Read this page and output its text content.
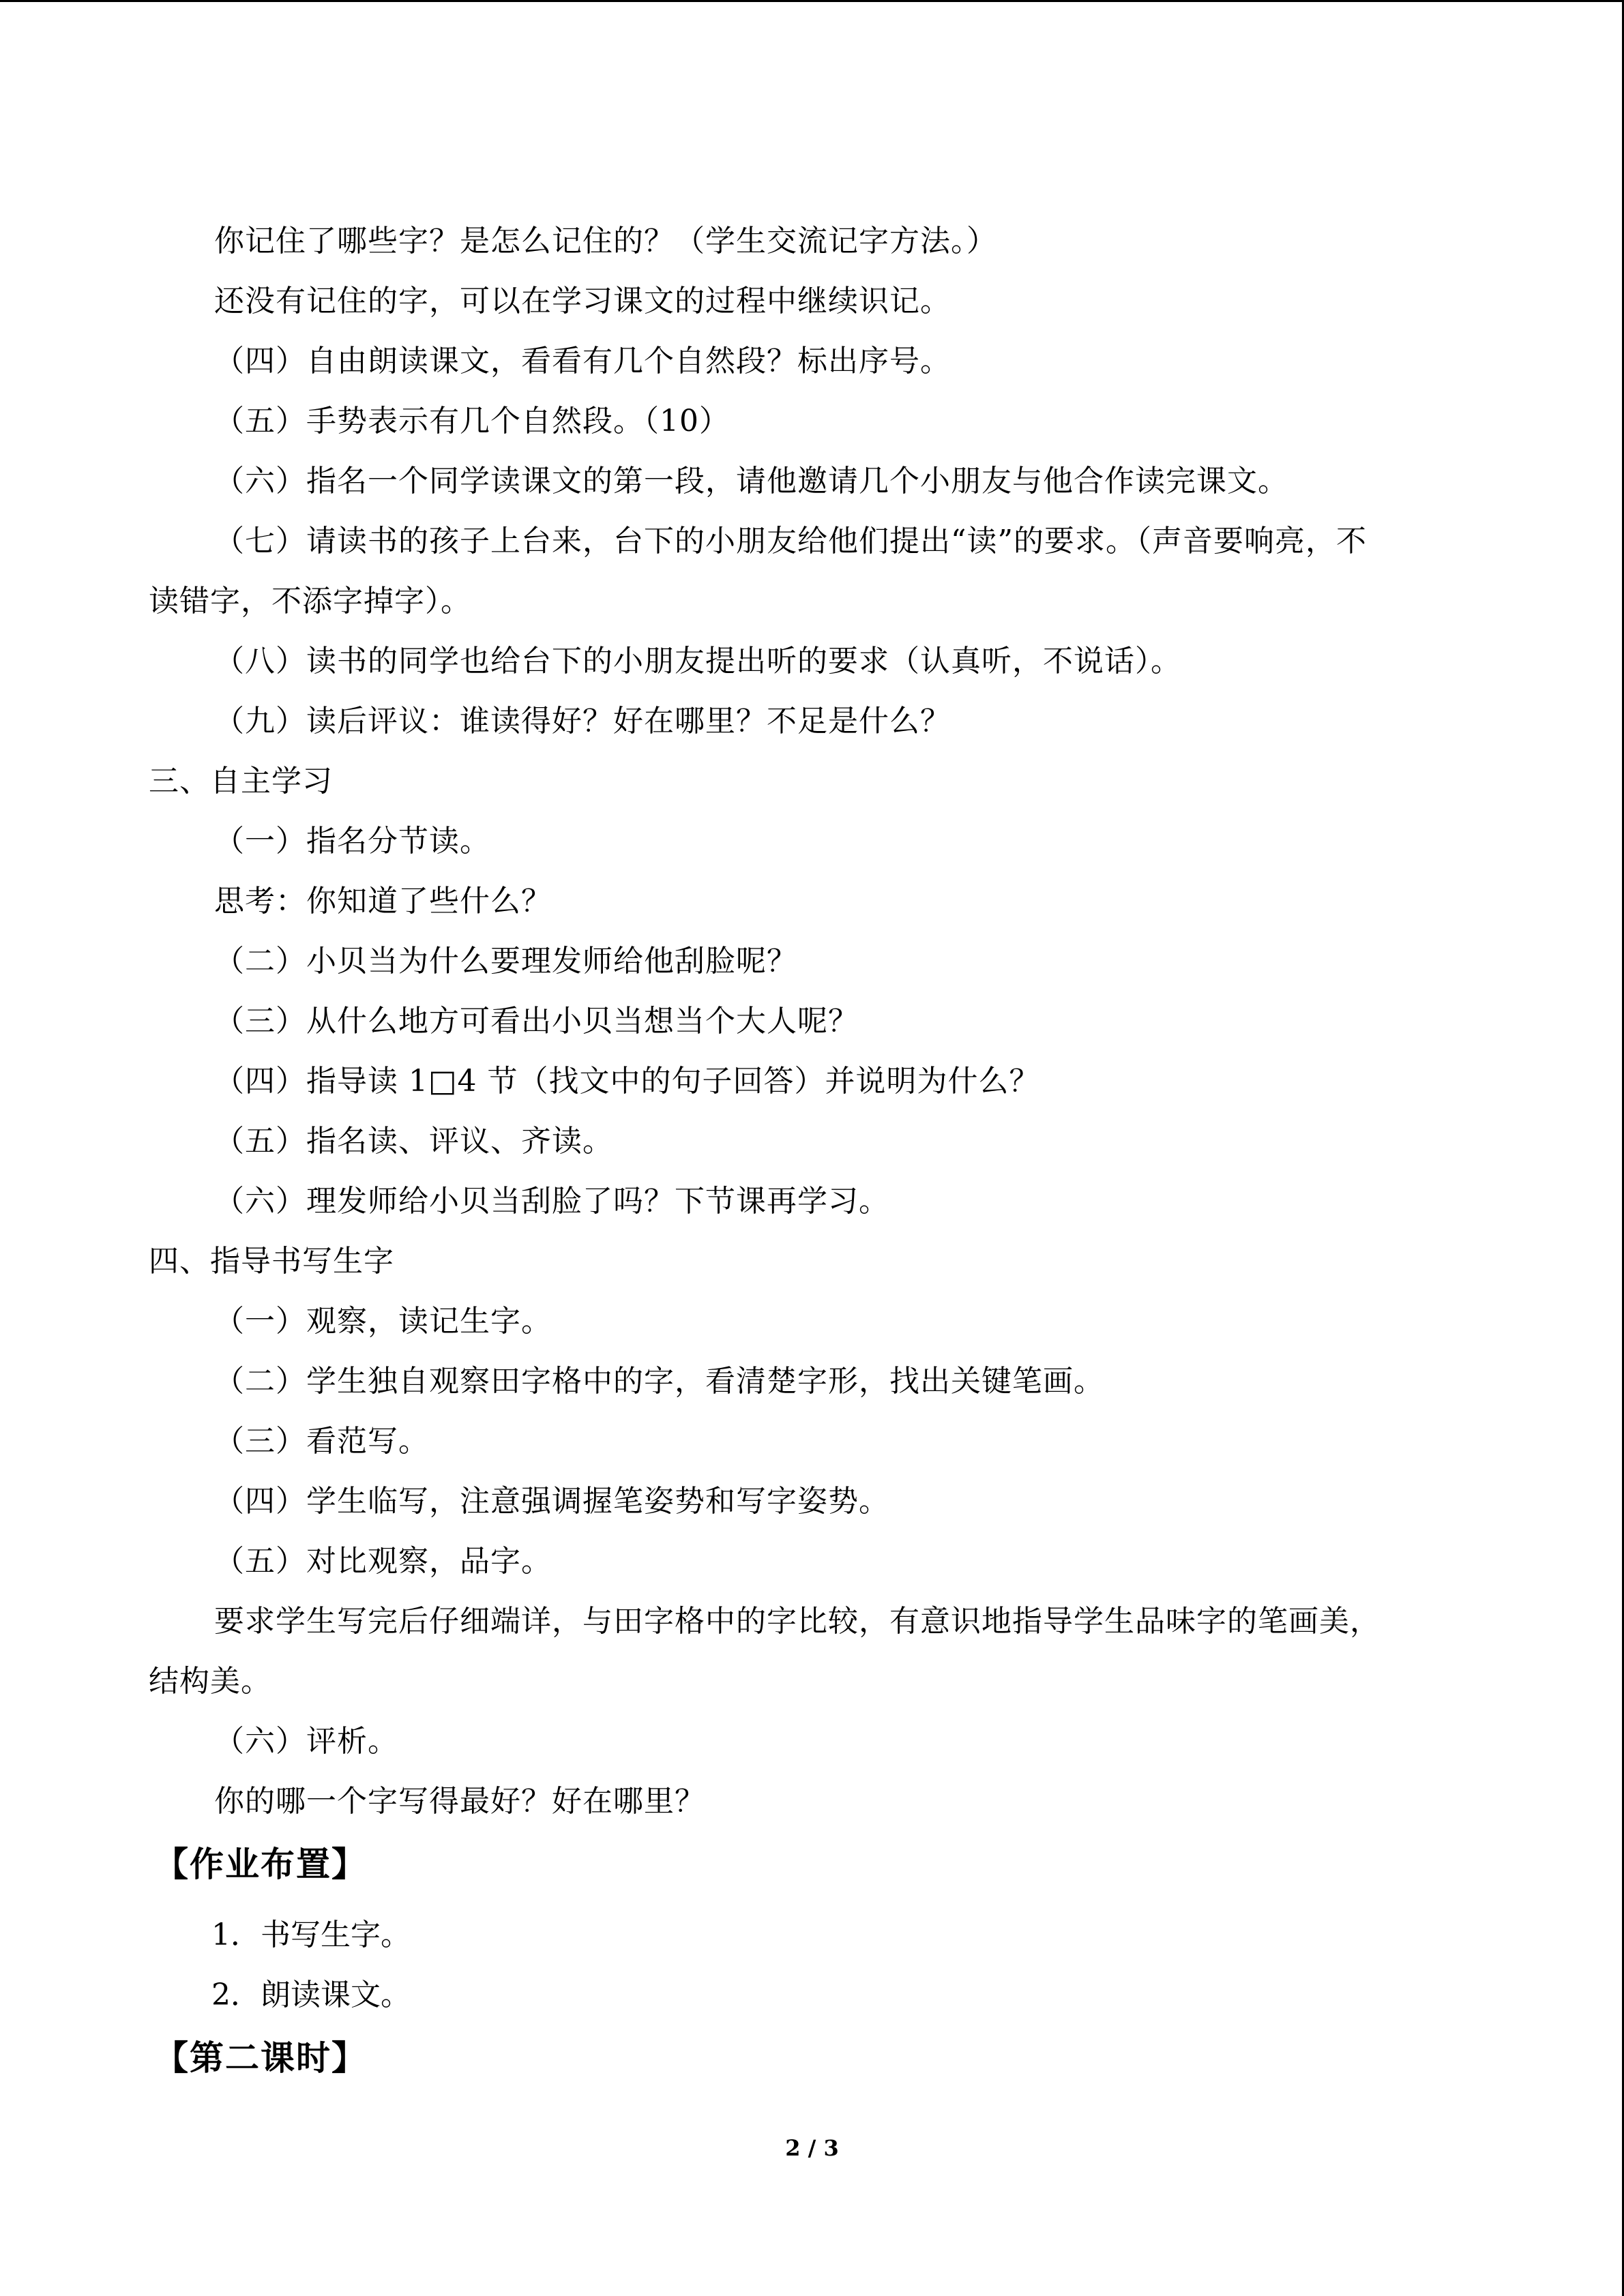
你记住了哪些字？是怎么记住的？（学生交流记字方法。）
还没有记住的字，可以在学习课文的过程中继续识记。
（四）自由朗读课文，看看有几个自然段？标出序号。
（五）手势表示有几个自然段。（10）
（六）指名一个同学读课文的第一段，请他邀请几个小朋友与他合作读完课文。
（七）请读书的孩子上台来，台下的小朋友给他们提出“读”的要求。（声音要响亮，不
读错字，不添字掉字）。
（八）读书的同学也给台下的小朋友提出听的要求（认真听，不说话）。
（九）读后评议：谁读得好？好在哪里？不足是什么？
三、自主学习
（一）指名分节读。
思考：你知道了些什么？
（二）小贝当为什么要理发师给他刮脸呢？
（三）从什么地方可看出小贝当想当个大人呢？
（四）指导读 1□4 节（找文中的句子回答）并说明为什么？
（五）指名读、评议、齐读。
（六）理发师给小贝当刮脸了吗？下节课再学习。
四、指导书写生字
（一）观察，读记生字。
（二）学生独自观察田字格中的字，看清楚字形，找出关键笔画。
（三）看范写。
（四）学生临写，注意强调握笔姿势和写字姿势。
（五）对比观察，品字。
要求学生写完后仔细端详，与田字格中的字比较，有意识地指导学生品味字的笔画美，
结构美。
（六）评析。
你的哪一个字写得最好？好在哪里？
【作业布置】
1．书写生字。
2．朗读课文。
【第二课时】
2 / 3
